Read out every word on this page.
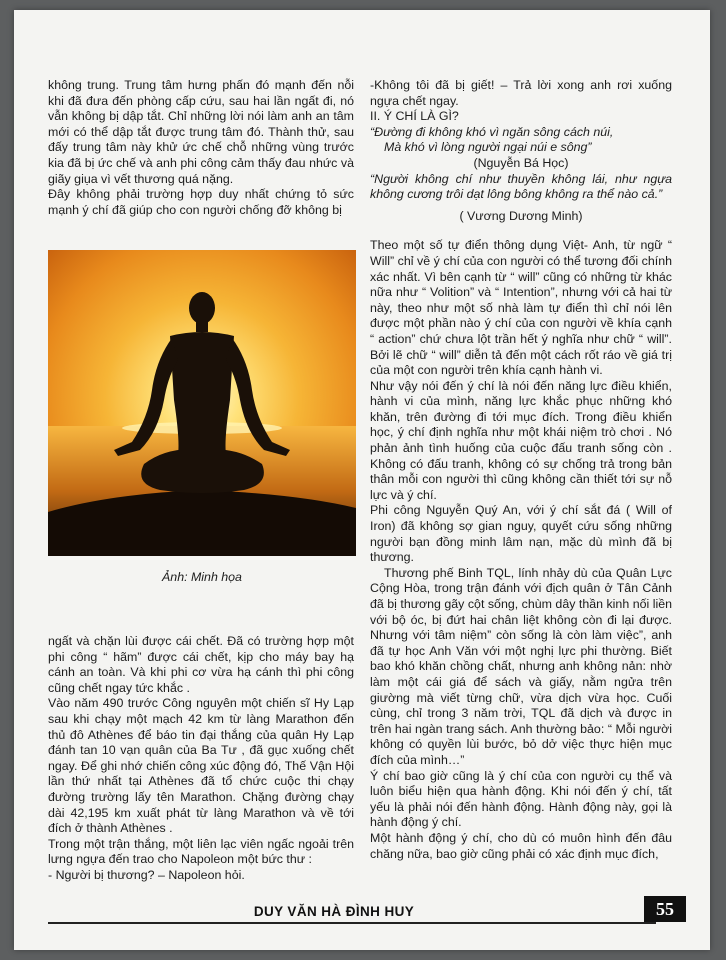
không trung. Trung tâm hưng phấn đó mạnh đến nỗi khi đã đưa đến phòng cấp cứu, sau hai lần ngất đi, nó vẫn không bị dập tắt. Chỉ những lời nói làm anh an tâm mới có thể dập tắt được trung tâm đó. Thành thử, sau đấy trung tâm này khử ức chế chỗ những vùng trước kia đã bị ức chế và anh phi công cảm thấy đau nhức và giãy giụa vì vết thương quá nặng.

Đây không phải trường hợp duy nhất chứng tỏ sức mạnh ý chí đã giúp cho con người chống đỡ không bị

Ảnh: Minh họa

ngất và chặn lùi được cái chết. Đã có trường hợp một phi công “ hãm” được cái chết, kịp cho máy bay hạ cánh an toàn. Và khi phi cơ vừa hạ cánh thì phi công cũng chết ngay tức khắc .

Vào năm 490 trước Công nguyên một chiến sĩ Hy Lạp sau khi chạy một mạch 42 km từ làng Marathon đến thủ đô Athènes để báo tin đại thắng của quân Hy Lạp đánh tan 10 vạn quân của Ba Tư , đã gục xuống chết ngay. Để ghi nhớ chiến công xúc động đó, Thế Vận Hội lần thứ nhất tại Athènes đã tổ chức cuộc thi chạy đường trường lấy tên Marathon. Chặng đường chạy dài 42,195 km xuất phát từ làng Marathon và về tới đích ở thành Athènes .

Trong một trận thắng, một liên lạc viên ngấc ngoải trên lưng ngựa đến trao cho Napoleon một bức thư :

- Người bị thương? – Napoleon hỏi.

-Không tôi đã bị giết! – Trả lời xong anh rơi xuống ngựa chết ngay.

II. Ý CHÍ LÀ GÌ?

“Đường đi không khó vì ngăn sông cách núi,

Mà khó vì lòng người ngại núi e sông”

(Nguyễn Bá Học)

“Người không chí như thuyền không lái, như ngựa không cương trôi dạt lông bông không ra thể nào cả.”

( Vương Dương Minh)

Theo một số tự điển thông dụng Việt- Anh, từ ngữ “ Will” chỉ về ý chí của con người có thể tương đối chính xác nhất. Vì bên cạnh từ “ will” cũng có những từ khác nữa như “ Volition” và “ Intention”, nhưng với cả hai từ này, theo như một số nhà làm tự điển thì chỉ nói lên được một phần nào ý chí của con người về khía cạnh “ action” chứ chưa lột trần hết ý nghĩa như chữ “ will”. Bởi lẽ chữ “ will” diễn tả đến một cách rốt ráo về giá trị của một con người trên khía cạnh hành vi.

Như vậy nói đến ý chí là nói đến năng lực điều khiển, hành vi của mình, năng lực khắc phục những khó khăn, trên đường đi tới mục đích. Trong điều khiển học, ý chí định nghĩa như một khái niệm trò chơi . Nó phản ảnh tình huống của cuộc đấu tranh sống còn . Không có đấu tranh, không có sự chống trả trong bản thân mỗi con người thì cũng không cần thiết tới sự nỗ lực và ý chí.

Phi công Nguyễn Quý An, với ý chí sắt đá ( Will of Iron) đã không sợ gian nguy, quyết cứu sống những người bạn đồng minh lâm nạn, mặc dù mình đã bị thương.

Thương phế Binh TQL, lính nhảy dù của Quân Lực Cộng Hòa, trong trận đánh với địch quân ở Tân Cảnh đã bị thương gãy cột sống, chùm dây thần kinh nối liền với bộ óc, bị đứt hai chân liệt không còn đi lại được. Nhưng với tâm niệm” còn sống là còn làm việc”, anh đã tự học Anh Văn với một nghị lực phi thường. Biết bao khó khăn chồng chất, nhưng anh không nản: nhờ làm một cái giá để sách và giấy, nằm ngửa trên giường mà viết từng chữ, vừa dịch vừa học. Cuối cùng, chỉ trong 3 năm trời, TQL đã dịch và được in trên hai ngàn trang sách. Anh thường bảo: “ Mỗi người không có quyền lùi bước, bỏ dở việc thực hiện mục đích của mình…”

Ý chí bao giờ cũng là ý chí của con người cụ thể và luôn biểu hiện qua hành động. Khi nói đến ý chí, tất yếu là phải nói đến hành động. Hành động này, gọi là hành động ý chí.

Một hành động ý chí, cho dù có muôn hình đến đâu chăng nữa, bao giờ cũng phải có xác định mục đích,

DUY VĂN HÀ ĐÌNH HUY	55
